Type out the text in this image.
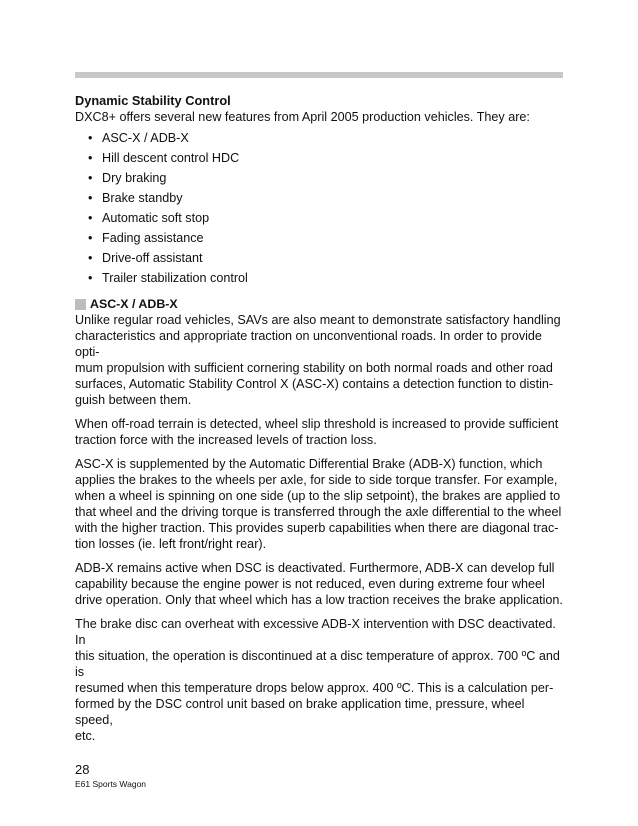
Dynamic Stability Control

DXC8+ offers several new features from April 2005 production vehicles. They are:

• ASC-X / ADB-X
• Hill descent control HDC
• Dry braking
• Brake standby
• Automatic soft stop
• Fading assistance
• Drive-off assistant
• Trailer stabilization control
ASC-X / ADB-X

Unlike regular road vehicles, SAVs are also meant to demonstrate satisfactory handling
characteristics and appropriate traction on unconventional roads. In order to provide opti-
mum propulsion with sufficient cornering stability on both normal roads and other road
surfaces, Automatic Stability Control X (ASC-X) contains a detection function to distin-
guish between them.

When off-road terrain is detected, wheel slip threshold is increased to provide sufficient
traction force with the increased levels of traction loss.

ASC-X is supplemented by the Automatic Differential Brake (ADB-X) function, which
applies the brakes to the wheels per axle, for side to side torque transfer. For example,
when a wheel is spinning on one side (up to the slip setpoint), the brakes are applied to
that wheel and the driving torque is transferred through the axle differential to the wheel
with the higher traction. This provides superb capabilities when there are diagonal trac-
tion losses (ie. left front/right rear).

ADB-X remains active when DSC is deactivated. Furthermore, ADB-X can develop full
capability because the engine power is not reduced, even during extreme four wheel
drive operation. Only that wheel which has a low traction receives the brake application.

The brake disc can overheat with excessive ADB-X intervention with DSC deactivated. In
this situation, the operation is discontinued at a disc temperature of approx. 700 ºC and is
resumed when this temperature drops below approx. 400 ºC. This is a calculation per-
formed by the DSC control unit based on brake application time, pressure, wheel speed,
etc.

28
E61 Sports Wagon
